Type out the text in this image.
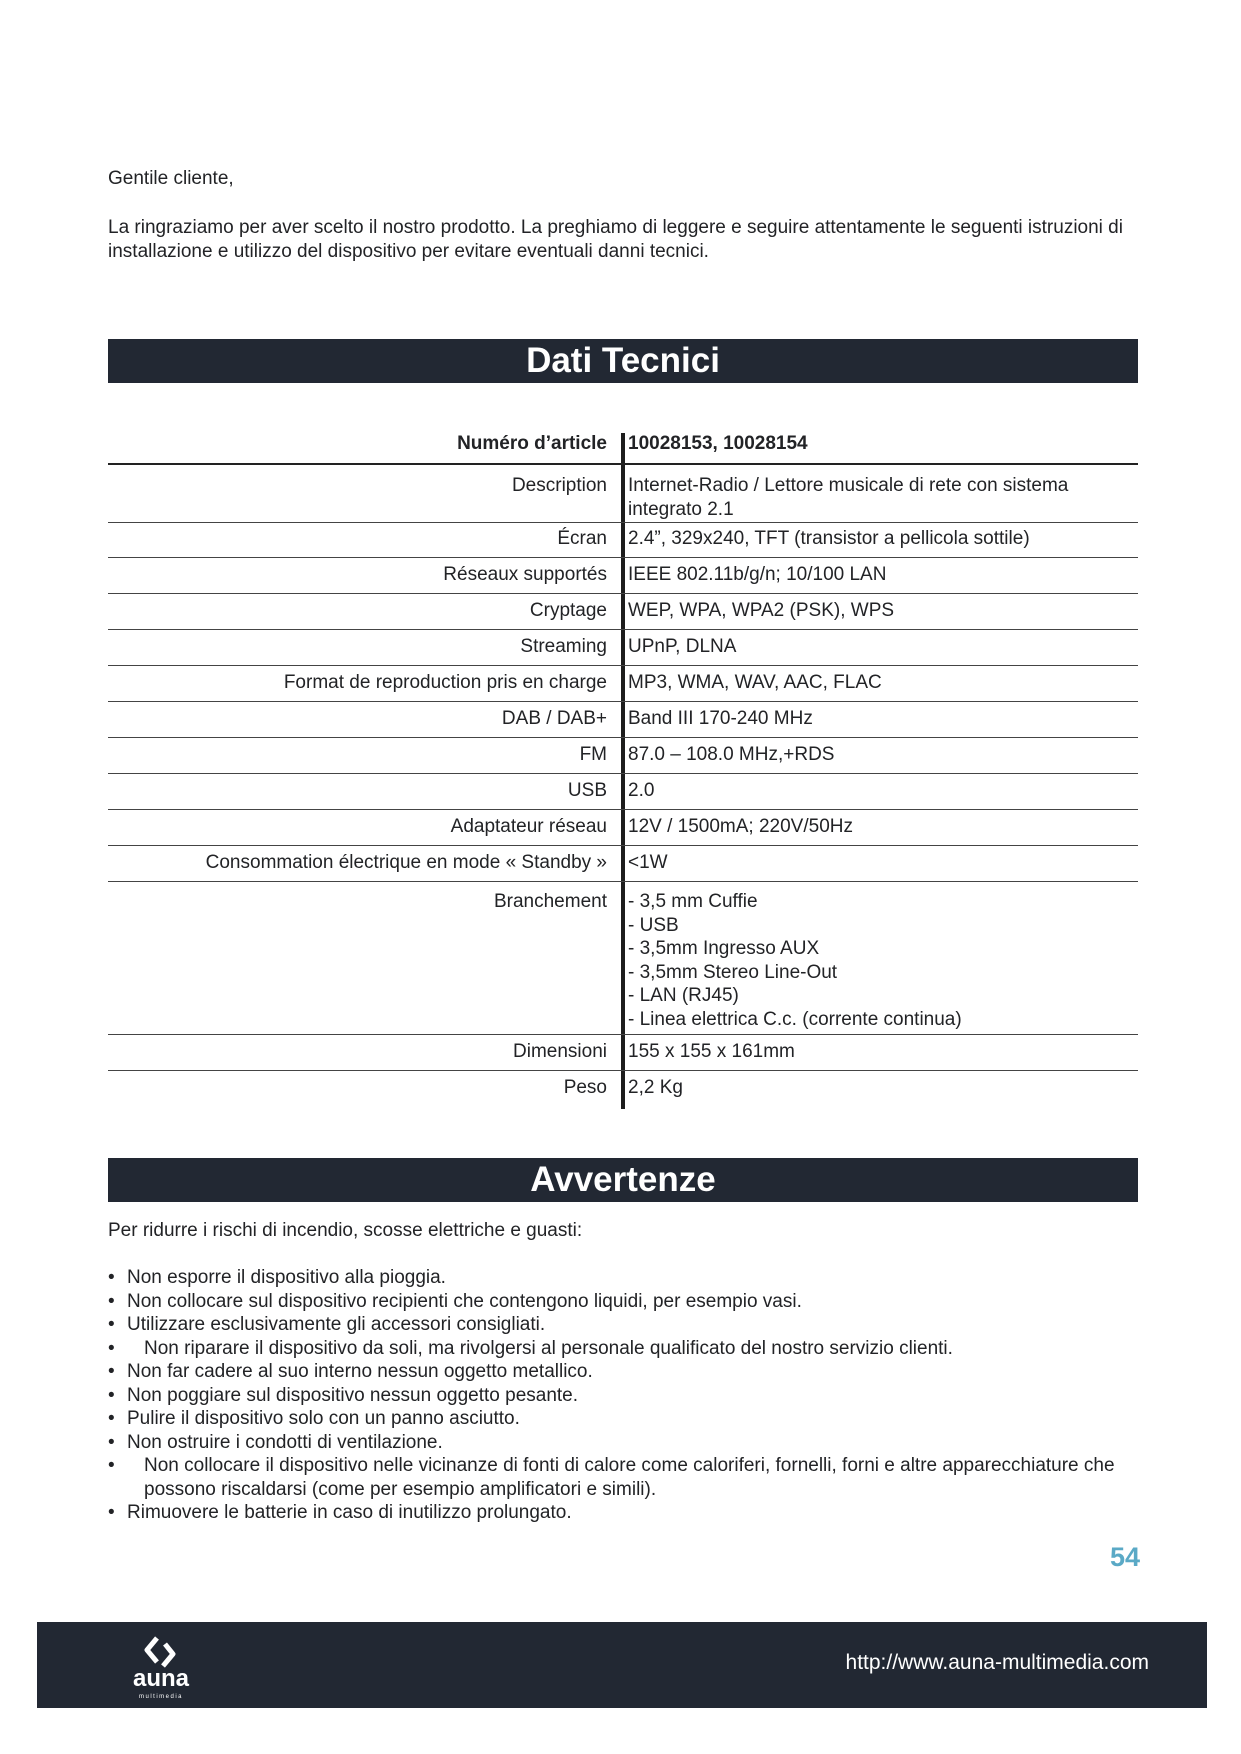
Gentile cliente,
La ringraziamo per aver scelto il nostro prodotto. La preghiamo di leggere e seguire attentamente le seguenti istruzioni di installazione e utilizzo del dispositivo per evitare eventuali danni tecnici.
Dati Tecnici
Numéro d’article	10028153, 10028154
Description	Internet-Radio / Lettore musicale di rete con sistema
integrato 2.1
Écran	2.4”, 329x240, TFT (transistor a pellicola sottile)
Réseaux supportés	IEEE 802.11b/g/n; 10/100 LAN
Cryptage	WEP, WPA, WPA2 (PSK), WPS
Streaming	UPnP, DLNA
Format de reproduction pris en charge	MP3, WMA, WAV, AAC, FLAC
DAB / DAB+	Band III 170-240 MHz
FM	87.0 – 108.0 MHz,+RDS
USB	2.0
Adaptateur réseau	12V / 1500mA; 220V/50Hz
Consommation électrique en mode « Standby »	<1W
Branchement	- 3,5 mm Cuffie
- USB
- 3,5mm Ingresso AUX
- 3,5mm Stereo Line-Out
- LAN (RJ45)
- Linea elettrica C.c. (corrente continua)
Dimensioni	155 x 155 x 161mm
Peso	2,2 Kg
Avvertenze
Per ridurre i rischi di incendio, scosse elettriche e guasti:
• Non esporre il dispositivo alla pioggia.
• Non collocare sul dispositivo recipienti che contengono liquidi, per esempio vasi.
• Utilizzare esclusivamente gli accessori consigliati.
• Non riparare il dispositivo da soli, ma rivolgersi al personale qualificato del nostro servizio clienti.
• Non far cadere al suo interno nessun oggetto metallico.
• Non poggiare sul dispositivo nessun oggetto pesante.
• Pulire il dispositivo solo con un panno asciutto.
• Non ostruire i condotti di ventilazione.
• Non collocare il dispositivo nelle vicinanze di fonti di calore come caloriferi, fornelli, forni e altre apparecchiature che possono riscaldarsi (come per esempio amplificatori e simili).
• Rimuovere le batterie in caso di inutilizzo prolungato.
54
auna
multimedia
http://www.auna-multimedia.com
